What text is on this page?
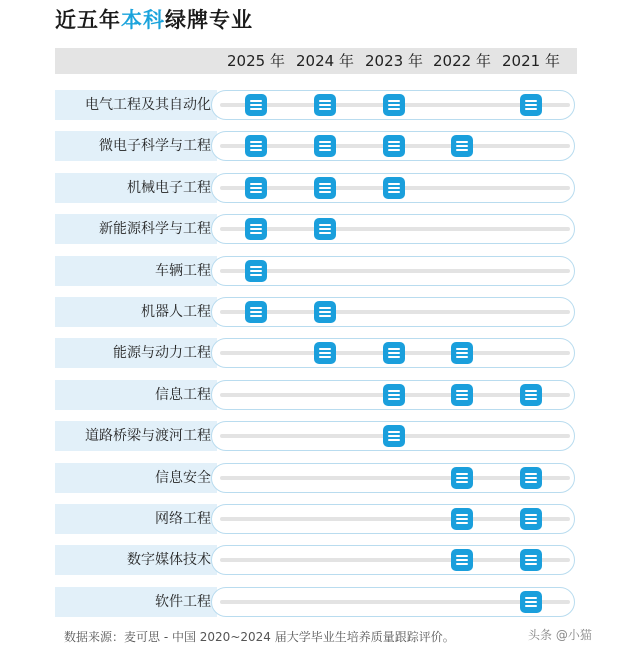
近五年本科绿牌专业
2025 年 2024 年 2023 年 2022 年 2021 年
电气工程及其自动化
微电子科学与工程
机械电子工程
新能源科学与工程
车辆工程
机器人工程
能源与动力工程
信息工程
道路桥梁与渡河工程
信息安全
网络工程
数字媒体技术
软件工程
数据来源：麦可思 - 中国 2020~2024 届大学毕业生培养质量跟踪评价。	头条 @小猫
